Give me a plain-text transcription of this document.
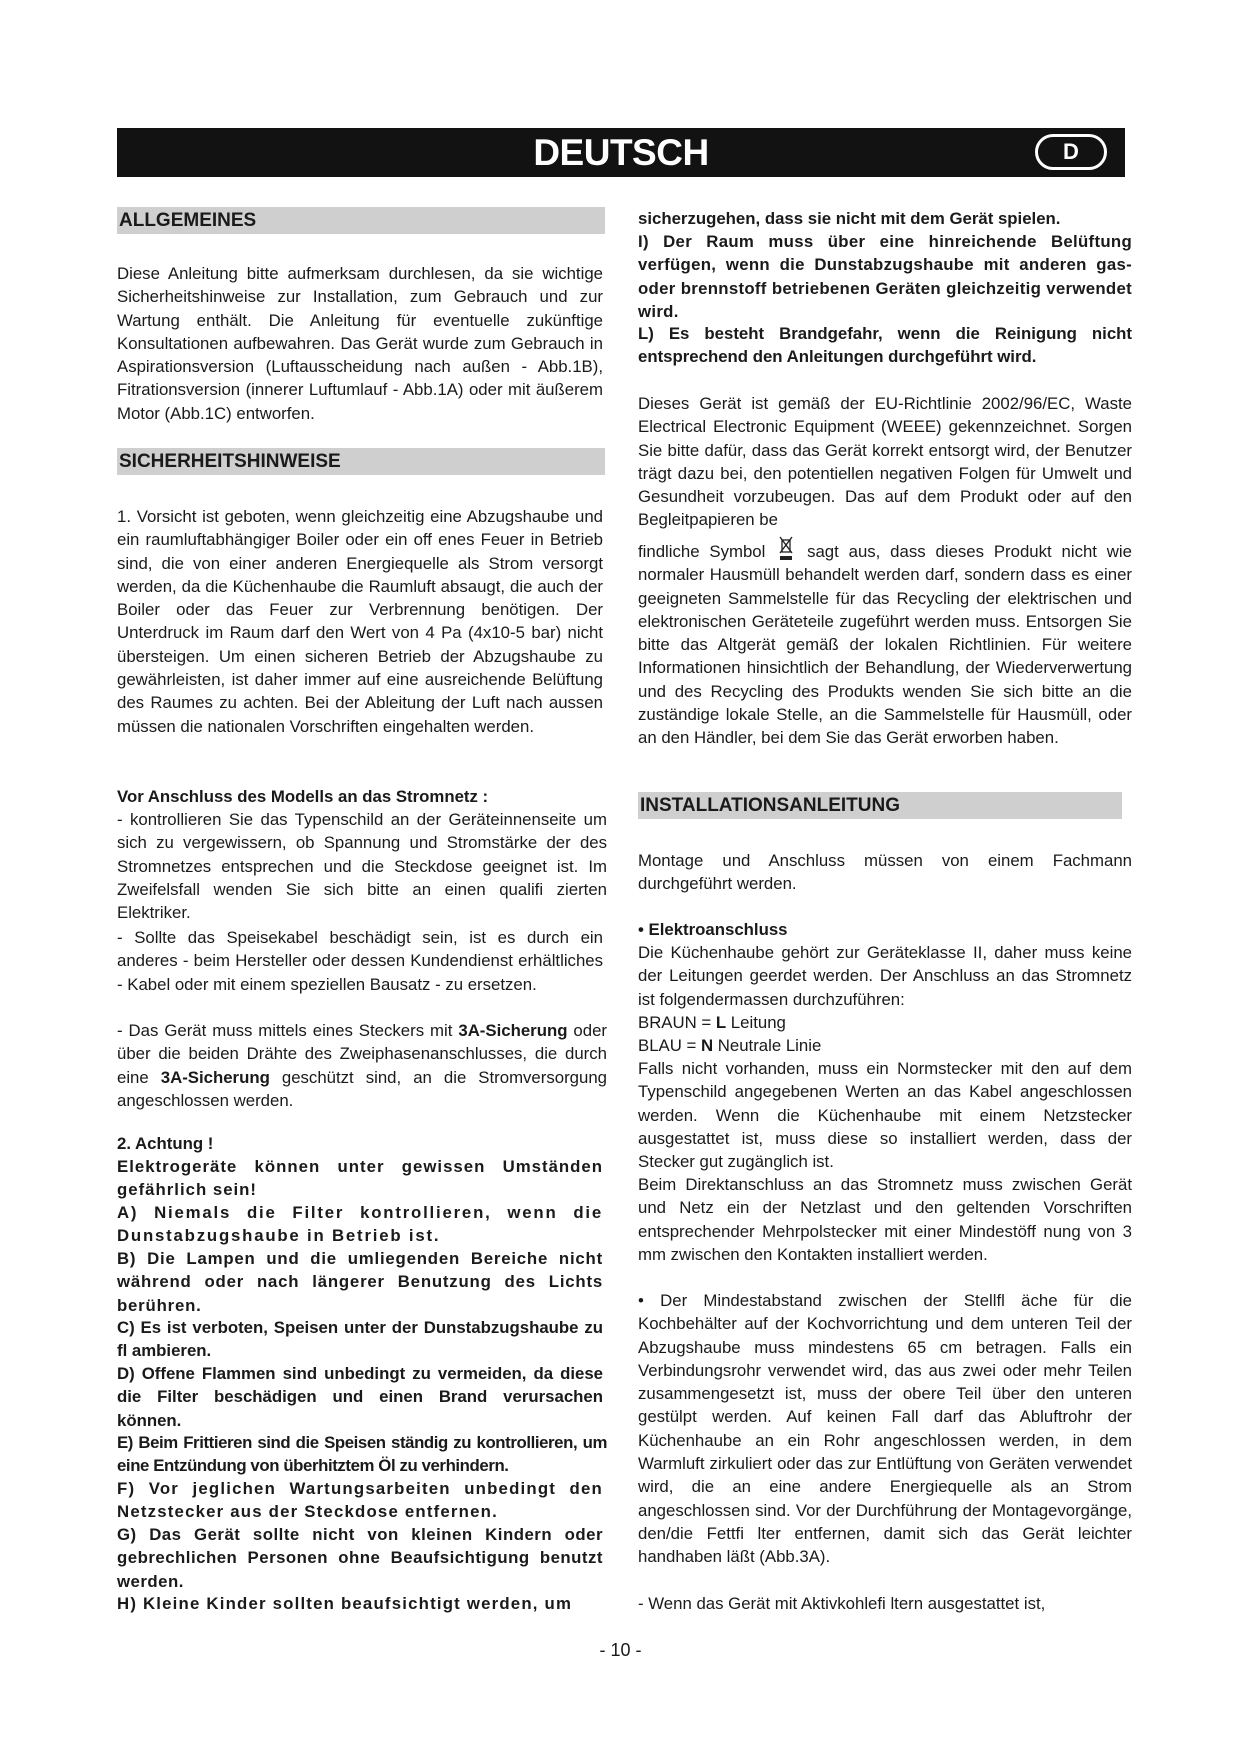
DEUTSCH	D
ALLGEMEINES

Diese Anleitung bitte aufmerksam durchlesen, da sie wichtige Sicherheitshinweise zur Installation, zum Gebrauch und zur Wartung enthält. Die Anleitung für eventuelle zukünftige Konsultationen aufbewahren. Das Gerät wurde zum Gebrauch in Aspirationsversion (Luftausscheidung nach außen - Abb.1B), Fitrationsversion (innerer Luftumlauf - Abb.1A) oder mit äußerem Motor (Abb.1C) entworfen.

SICHERHEITSHINWEISE

1. Vorsicht ist geboten, wenn gleichzeitig eine Abzugshaube und ein raumluftabhängiger Boiler oder ein off enes Feuer in Betrieb sind, die von einer anderen Energiequelle als Strom versorgt werden, da die Küchenhaube die Raumluft absaugt, die auch der Boiler oder das Feuer zur Verbrennung benötigen. Der Unterdruck im Raum darf den Wert von 4 Pa (4x10-5 bar) nicht übersteigen. Um einen sicheren Betrieb der Abzugshaube zu gewährleisten, ist daher immer auf eine ausreichende Belüftung des Raumes zu achten. Bei der Ableitung der Luft nach aussen müssen die nationalen Vorschriften eingehalten werden.

Vor Anschluss des Modells an das Stromnetz :

- kontrollieren Sie das Typenschild an der Geräteinnenseite um sich zu vergewissern, ob Spannung und Stromstärke der des Stromnetzes entsprechen und die Steckdose geeignet ist. Im Zweifelsfall wenden Sie sich bitte an einen qualifi zierten Elektriker.

- Sollte das Speisekabel beschädigt sein, ist es durch ein anderes - beim Hersteller oder dessen Kundendienst erhältliches - Kabel oder mit einem speziellen Bausatz - zu ersetzen.

- Das Gerät muss mittels eines Steckers mit 3A-Sicherung oder über die beiden Drähte des Zweiphasenanschlusses, die durch eine 3A-Sicherung geschützt sind, an die Stromversorgung angeschlossen werden.

2. Achtung !

Elektrogeräte können unter gewissen Umständen gefährlich sein!

A) Niemals die Filter kontrollieren, wenn die Dunstabzugshaube in Betrieb ist.

B) Die Lampen und die umliegenden Bereiche nicht während oder nach längerer Benutzung des Lichts berühren.

C) Es ist verboten, Speisen unter der Dunstabzugshaube zu fl ambieren.

D) Offene Flammen sind unbedingt zu vermeiden, da diese die Filter beschädigen und einen Brand verursachen können.

E) Beim Frittieren sind die Speisen ständig zu kontrollieren, um eine Entzündung von überhitztem Öl zu verhindern.

F) Vor jeglichen Wartungsarbeiten unbedingt den Netzstecker aus der Steckdose entfernen.

G) Das Gerät sollte nicht von kleinen Kindern oder gebrechlichen Personen ohne Beaufsichtigung benutzt werden.

H) Kleine Kinder sollten beaufsichtigt werden, um

sicherzugehen, dass sie nicht mit dem Gerät spielen.

I) Der Raum muss über eine hinreichende Belüftung verfügen, wenn die Dunstabzugshaube mit anderen gas- oder brennstoff betriebenen Geräten gleichzeitig verwendet wird.

L) Es besteht Brandgefahr, wenn die Reinigung nicht entsprechend den Anleitungen durchgeführt wird.

Dieses Gerät ist gemäß der EU-Richtlinie 2002/96/EC, Waste Electrical Electronic Equipment (WEEE) gekennzeichnet. Sorgen Sie bitte dafür, dass das Gerät korrekt entsorgt wird, der Benutzer trägt dazu bei, den potentiellen negativen Folgen für Umwelt und Gesundheit vorzubeugen. Das auf dem Produkt oder auf den Begleitpapieren be

findliche Symbol sagt aus, dass dieses Produkt nicht wie normaler Hausmüll behandelt werden darf, sondern dass es einer geeigneten Sammelstelle für das Recycling der elektrischen und elektronischen Geräteteile zugeführt werden muss. Entsorgen Sie bitte das Altgerät gemäß der lokalen Richtlinien. Für weitere Informationen hinsichtlich der Behandlung, der Wiederverwertung und des Recycling des Produkts wenden Sie sich bitte an die zuständige lokale Stelle, an die Sammelstelle für Hausmüll, oder an den Händler, bei dem Sie das Gerät erworben haben.

INSTALLATIONSANLEITUNG

Montage und Anschluss müssen von einem Fachmann durchgeführt werden.

• Elektroanschluss

Die Küchenhaube gehört zur Geräteklasse II, daher muss keine der Leitungen geerdet werden. Der Anschluss an das Stromnetz ist folgendermassen durchzuführen:

BRAUN = L Leitung

BLAU = N Neutrale Linie

Falls nicht vorhanden, muss ein Normstecker mit den auf dem Typenschild angegebenen Werten an das Kabel angeschlossen werden. Wenn die Küchenhaube mit einem Netzstecker ausgestattet ist, muss diese so installiert werden, dass der Stecker gut zugänglich ist.

Beim Direktanschluss an das Stromnetz muss zwischen Gerät und Netz ein der Netzlast und den geltenden Vorschriften entsprechender Mehrpolstecker mit einer Mindestöff nung von 3 mm zwischen den Kontakten installiert werden.

• Der Mindestabstand zwischen der Stellfl äche für die Kochbehälter auf der Kochvorrichtung und dem unteren Teil der Abzugshaube muss mindestens 65 cm betragen. Falls ein Verbindungsrohr verwendet wird, das aus zwei oder mehr Teilen zusammengesetzt ist, muss der obere Teil über den unteren gestülpt werden. Auf keinen Fall darf das Abluftrohr der Küchenhaube an ein Rohr angeschlossen werden, in dem Warmluft zirkuliert oder das zur Entlüftung von Geräten verwendet wird, die an eine andere Energiequelle als an Strom angeschlossen sind. Vor der Durchführung der Montagevorgänge, den/die Fettfi lter entfernen, damit sich das Gerät leichter handhaben läßt (Abb.3A).

- Wenn das Gerät mit Aktivkohlefi ltern ausgestattet ist,

- 10 -
